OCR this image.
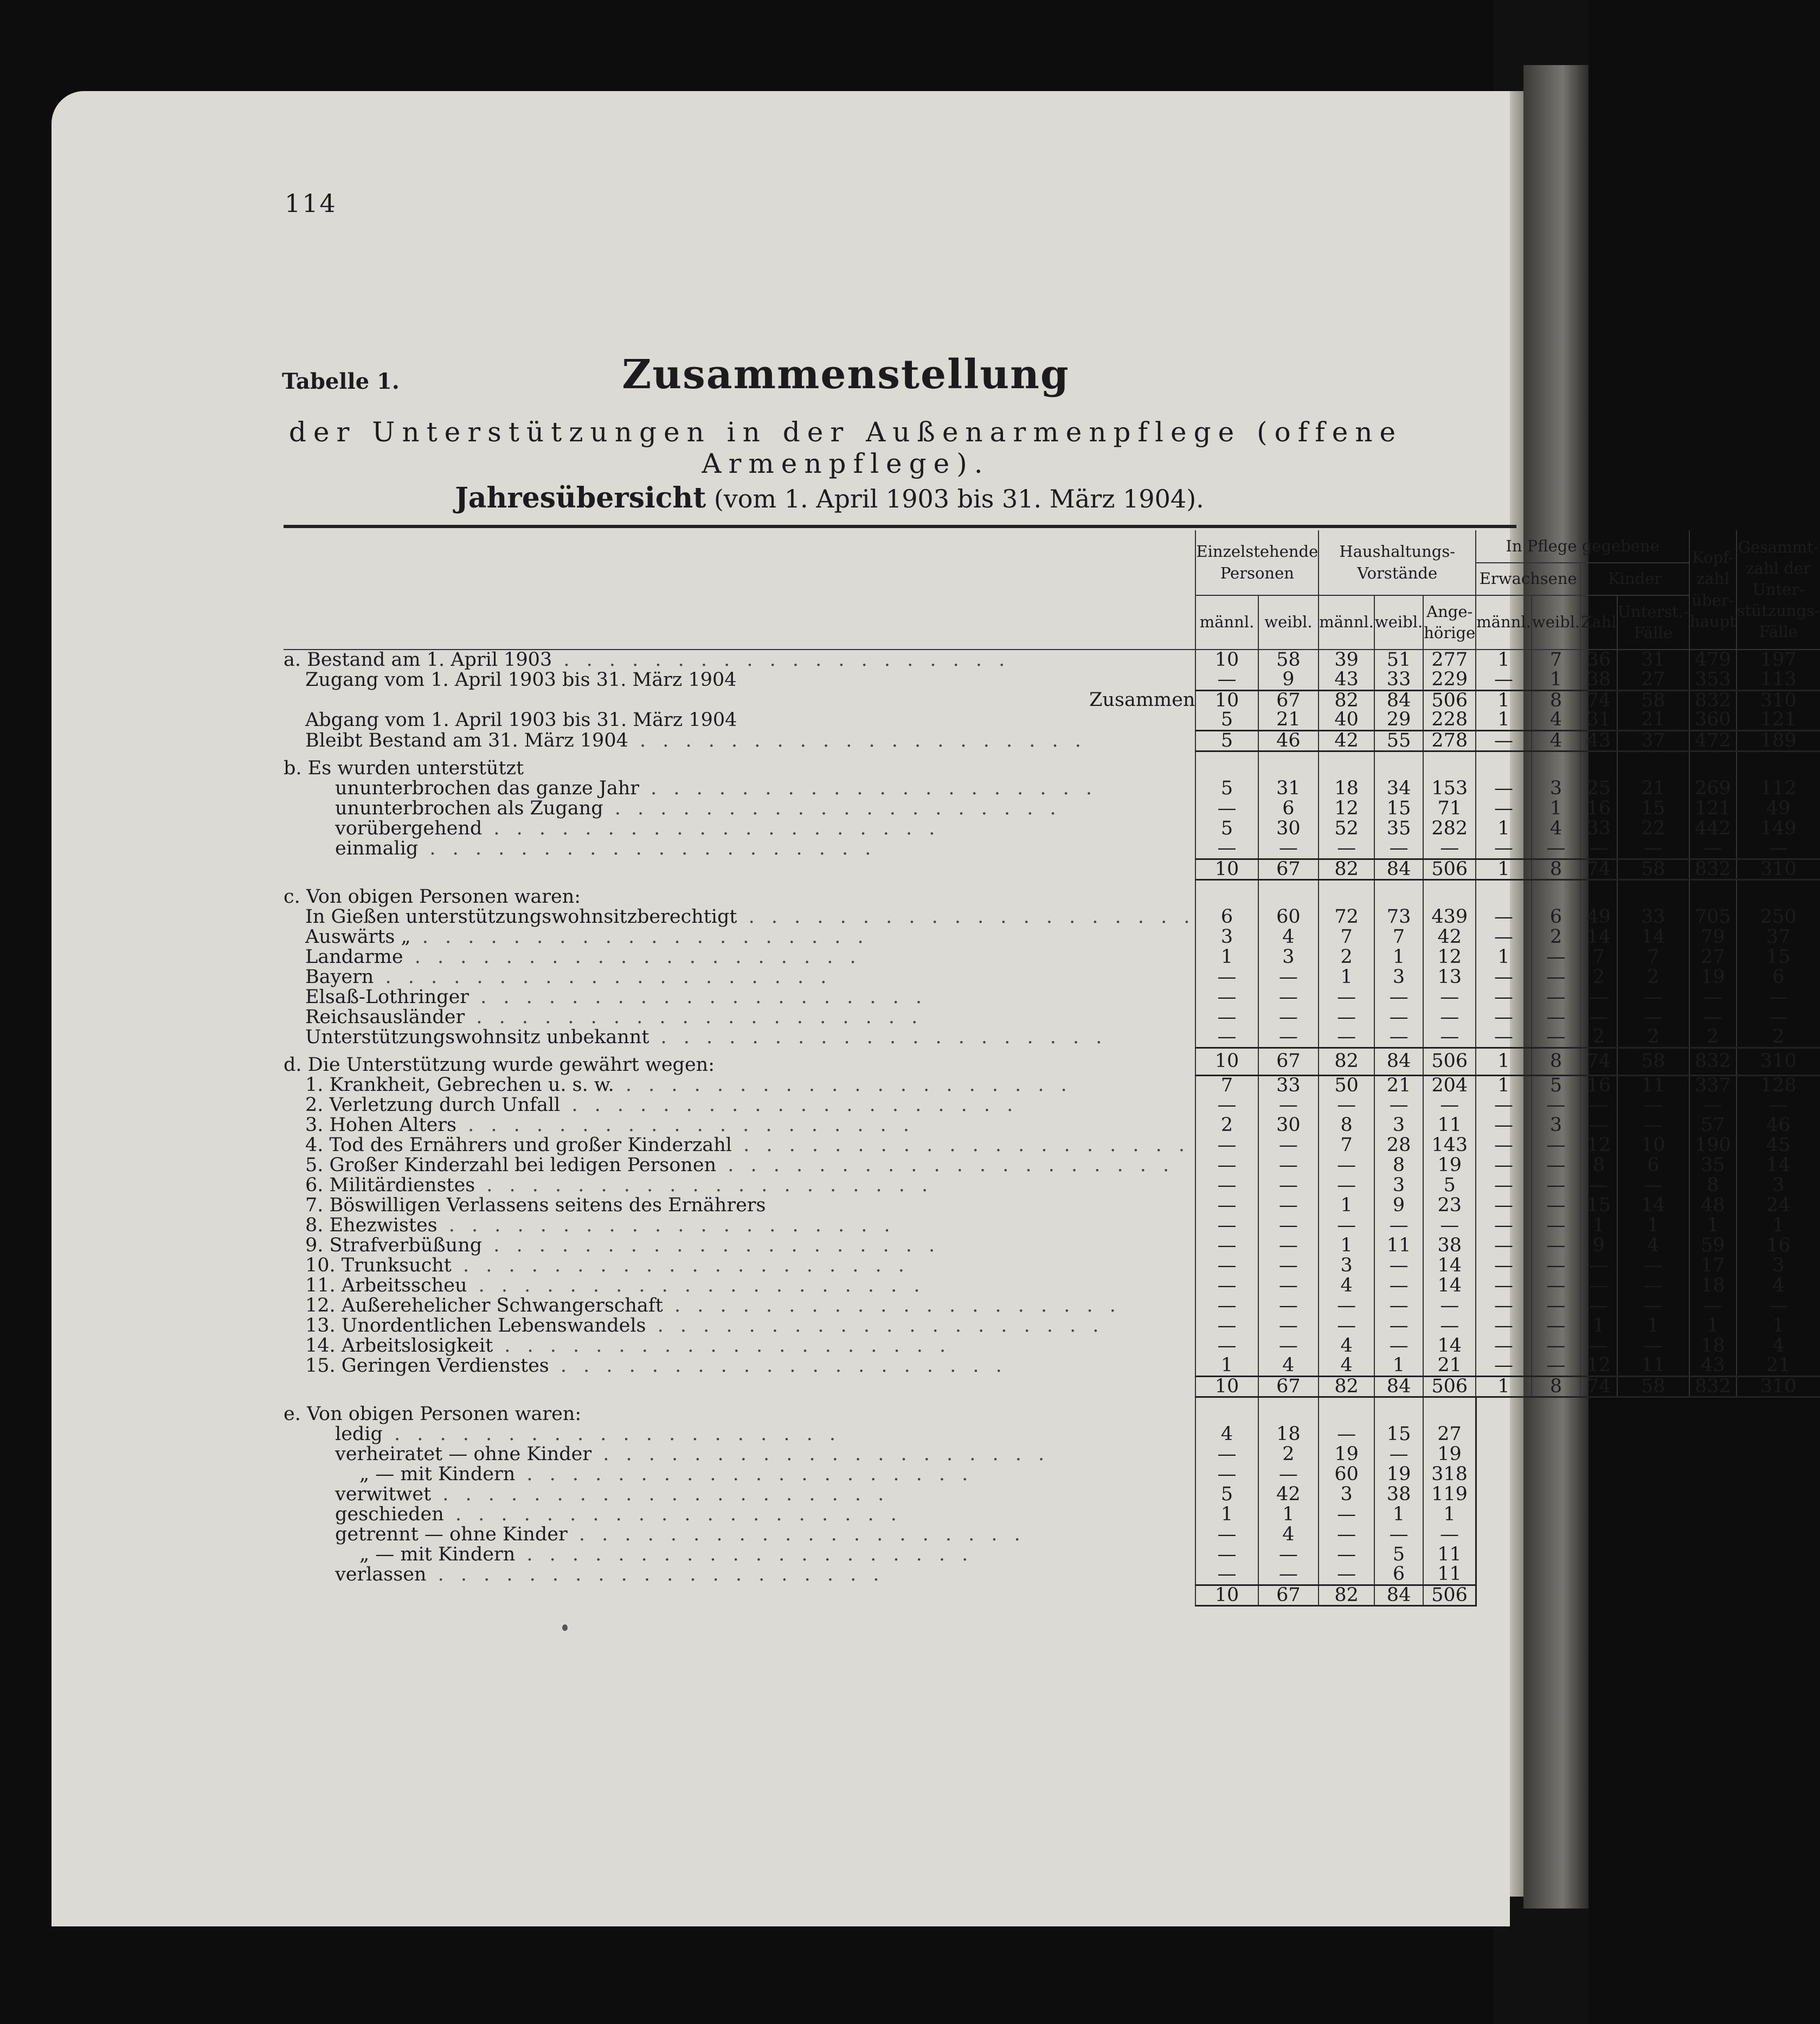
114
Tabelle 1.	Zusammenstellung
der Unterstützungen in der Außenarmenpflege (offene Armenpflege).
Jahresübersicht (vom 1. April 1903 bis 31. März 1904).
	Einzelstehende Personen		Haushaltungs-Vorstände			In Pflege gegebene				Kopf-zahl über-haupt	Gesammt-zahl der Unter-stützungs-Fälle
						Erwachsene		Kinder			
	männl.	weibl.	männl.	weibl.	Ange-hörige	männl.	weibl.	Zahl	Unterst.-Fälle		
a. Bestand am 1. April 1903 . . . . . . . . . . . . . . . . . . . .	10	58	39	51	277	1	7	36	31	479	197
Zugang vom 1. April 1903 bis 31. März 1904	—	9	43	33	229	—	1	38	27	353	113
Zusammen	10	67	82	84	506	1	8	74	58	832	310
Abgang vom 1. April 1903 bis 31. März 1904	5	21	40	29	228	1	4	31	21	360	121
Bleibt Bestand am 31. März 1904 . . . . . . . . . . . . . . . . . . . .	5	46	42	55	278	—	4	43	37	472	189
b. Es wurden unterstützt											
ununterbrochen das ganze Jahr . . . . . . . . . . . . . . . . . . . .	5	31	18	34	153	—	3	25	21	269	112
ununterbrochen als Zugang . . . . . . . . . . . . . . . . . . . .	—	6	12	15	71	—	1	16	15	121	49
vorübergehend . . . . . . . . . . . . . . . . . . . .	5	30	52	35	282	1	4	33	22	442	149
einmalig . . . . . . . . . . . . . . . . . . . .	—	—	—	—	—	—	—	—	—	—	—
	10	67	82	84	506	1	8	74	58	832	310
c. Von obigen Personen waren:											
In Gießen unterstützungswohnsitzberechtigt . . . . . . . . . . . . . . . . . . . .	6	60	72	73	439	—	6	49	33	705	250
Auswärts „ . . . . . . . . . . . . . . . . . . . .	3	4	7	7	42	—	2	14	14	79	37
Landarme . . . . . . . . . . . . . . . . . . . .	1	3	2	1	12	1	—	7	7	27	15
Bayern . . . . . . . . . . . . . . . . . . . .	—	—	1	3	13	—	—	2	2	19	6
Elsaß-Lothringer . . . . . . . . . . . . . . . . . . . .	—	—	—	—	—	—	—	—	—	—	—
Reichsausländer . . . . . . . . . . . . . . . . . . . .	—	—	—	—	—	—	—	—	—	—	—
Unterstützungswohnsitz unbekannt . . . . . . . . . . . . . . . . . . . .	—	—	—	—	—	—	—	2	2	2	2
d. Die Unterstützung wurde gewährt wegen:	10	67	82	84	506	1	8	74	58	832	310
1. Krankheit, Gebrechen u. s. w. . . . . . . . . . . . . . . . . . . . .	7	33	50	21	204	1	5	16	11	337	128
2. Verletzung durch Unfall . . . . . . . . . . . . . . . . . . . .	—	—	—	—	—	—	—	—	—	—	—
3. Hohen Alters . . . . . . . . . . . . . . . . . . . .	2	30	8	3	11	—	3	—	—	57	46
4. Tod des Ernährers und großer Kinderzahl . . . . . . . . . . . . . . . . . . . .	—	—	7	28	143	—	—	12	10	190	45
5. Großer Kinderzahl bei ledigen Personen . . . . . . . . . . . . . . . . . . . .	—	—	—	8	19	—	—	8	6	35	14
6. Militärdienstes . . . . . . . . . . . . . . . . . . . .	—	—	—	3	5	—	—	—	—	8	3
7. Böswilligen Verlassens seitens des Ernährers	—	—	1	9	23	—	—	15	14	48	24
8. Ehezwistes . . . . . . . . . . . . . . . . . . . .	—	—	—	—	—	—	—	1	1	1	1
9. Strafverbüßung . . . . . . . . . . . . . . . . . . . .	—	—	1	11	38	—	—	9	4	59	16
10. Trunksucht . . . . . . . . . . . . . . . . . . . .	—	—	3	—	14	—	—	—	—	17	3
11. Arbeitsscheu . . . . . . . . . . . . . . . . . . . .	—	—	4	—	14	—	—	—	—	18	4
12. Außerehelicher Schwangerschaft . . . . . . . . . . . . . . . . . . . .	—	—	—	—	—	—	—	—	—	—	—
13. Unordentlichen Lebenswandels . . . . . . . . . . . . . . . . . . . .	—	—	—	—	—	—	—	1	1	1	1
14. Arbeitslosigkeit . . . . . . . . . . . . . . . . . . . .	—	—	4	—	14	—	—	—	—	18	4
15. Geringen Verdienstes . . . . . . . . . . . . . . . . . . . .	1	4	4	1	21	—	—	12	11	43	21
	10	67	82	84	506	1	8	74	58	832	310
e. Von obigen Personen waren:											
ledig . . . . . . . . . . . . . . . . . . . .	4	18	—	15	27						
verheiratet — ohne Kinder . . . . . . . . . . . . . . . . . . . .	—	2	19	—	19						
„ — mit Kindern . . . . . . . . . . . . . . . . . . . .	—	—	60	19	318						
verwitwet . . . . . . . . . . . . . . . . . . . .	5	42	3	38	119						
geschieden . . . . . . . . . . . . . . . . . . . .	1	1	—	1	1						
getrennt — ohne Kinder . . . . . . . . . . . . . . . . . . . .	—	4	—	—	—						
„ — mit Kindern . . . . . . . . . . . . . . . . . . . .	—	—	—	5	11						
verlassen . . . . . . . . . . . . . . . . . . . .	—	—	—	6	11						
	10	67	82	84	506						
